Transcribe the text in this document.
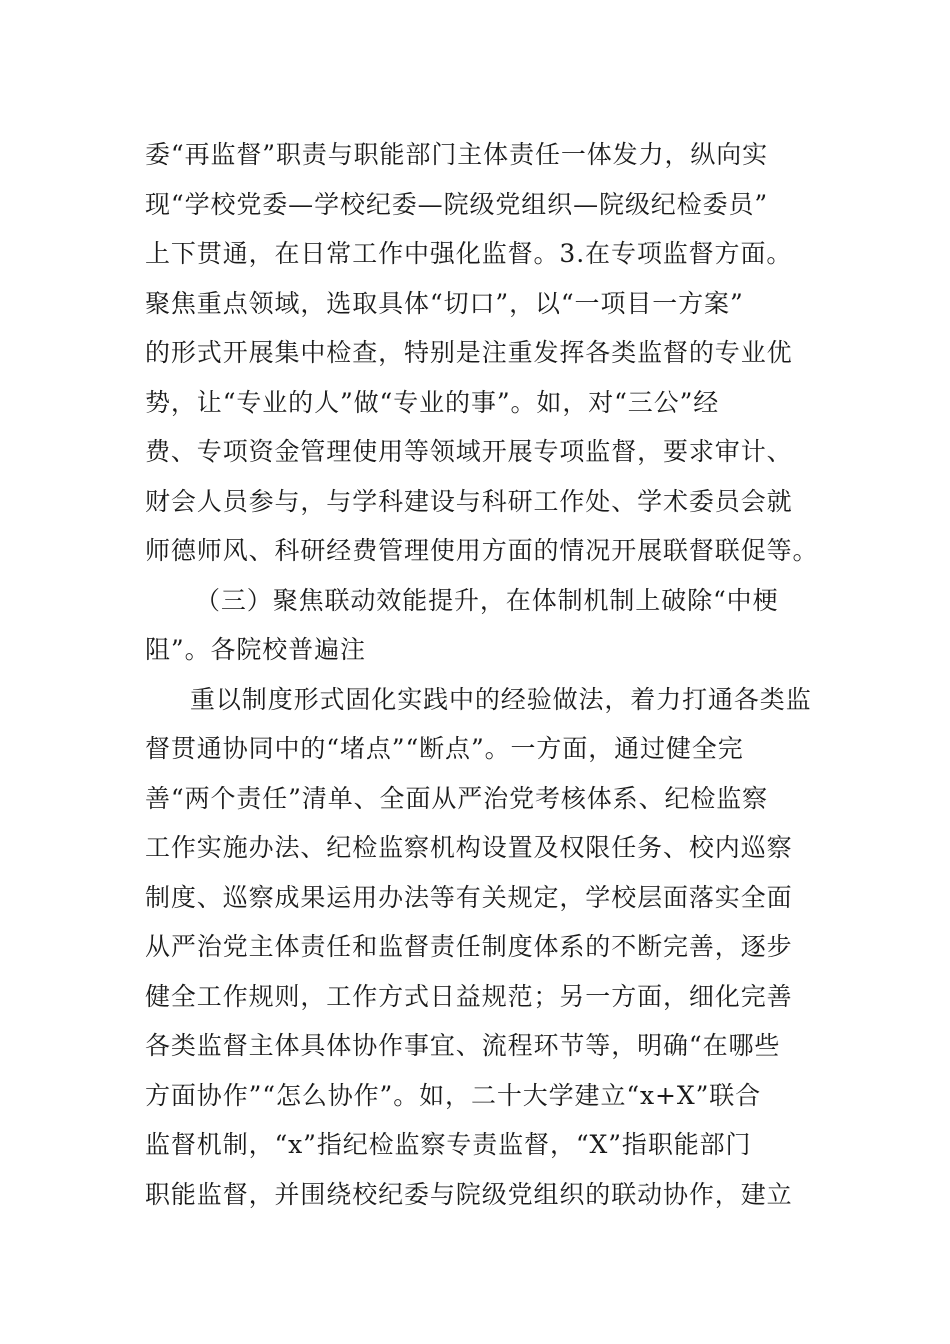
委“再监督”职责与职能部门主体责任一体发力，纵向实
现“学校党委—学校纪委—院级党组织—院级纪检委员”
上下贯通，在日常工作中强化监督。3.在专项监督方面。
聚焦重点领域，选取具体“切口”，以“一项目一方案”
的形式开展集中检查，特别是注重发挥各类监督的专业优
势，让“专业的人”做“专业的事”。如，对“三公”经
费、专项资金管理使用等领域开展专项监督，要求审计、
财会人员参与，与学科建设与科研工作处、学术委员会就
师德师风、科研经费管理使用方面的情况开展联督联促等。
（三）聚焦联动效能提升，在体制机制上破除“中梗
阻”。各院校普遍注
重以制度形式固化实践中的经验做法，着力打通各类监
督贯通协同中的“堵点”“断点”。一方面，通过健全完
善“两个责任”清单、全面从严治党考核体系、纪检监察
工作实施办法、纪检监察机构设置及权限任务、校内巡察
制度、巡察成果运用办法等有关规定，学校层面落实全面
从严治党主体责任和监督责任制度体系的不断完善，逐步
健全工作规则，工作方式日益规范；另一方面，细化完善
各类监督主体具体协作事宜、流程环节等，明确“在哪些
方面协作”“怎么协作”。如，二十大学建立“x+X”联合
监督机制，“x”指纪检监察专责监督，“X”指职能部门
职能监督，并围绕校纪委与院级党组织的联动协作，建立
